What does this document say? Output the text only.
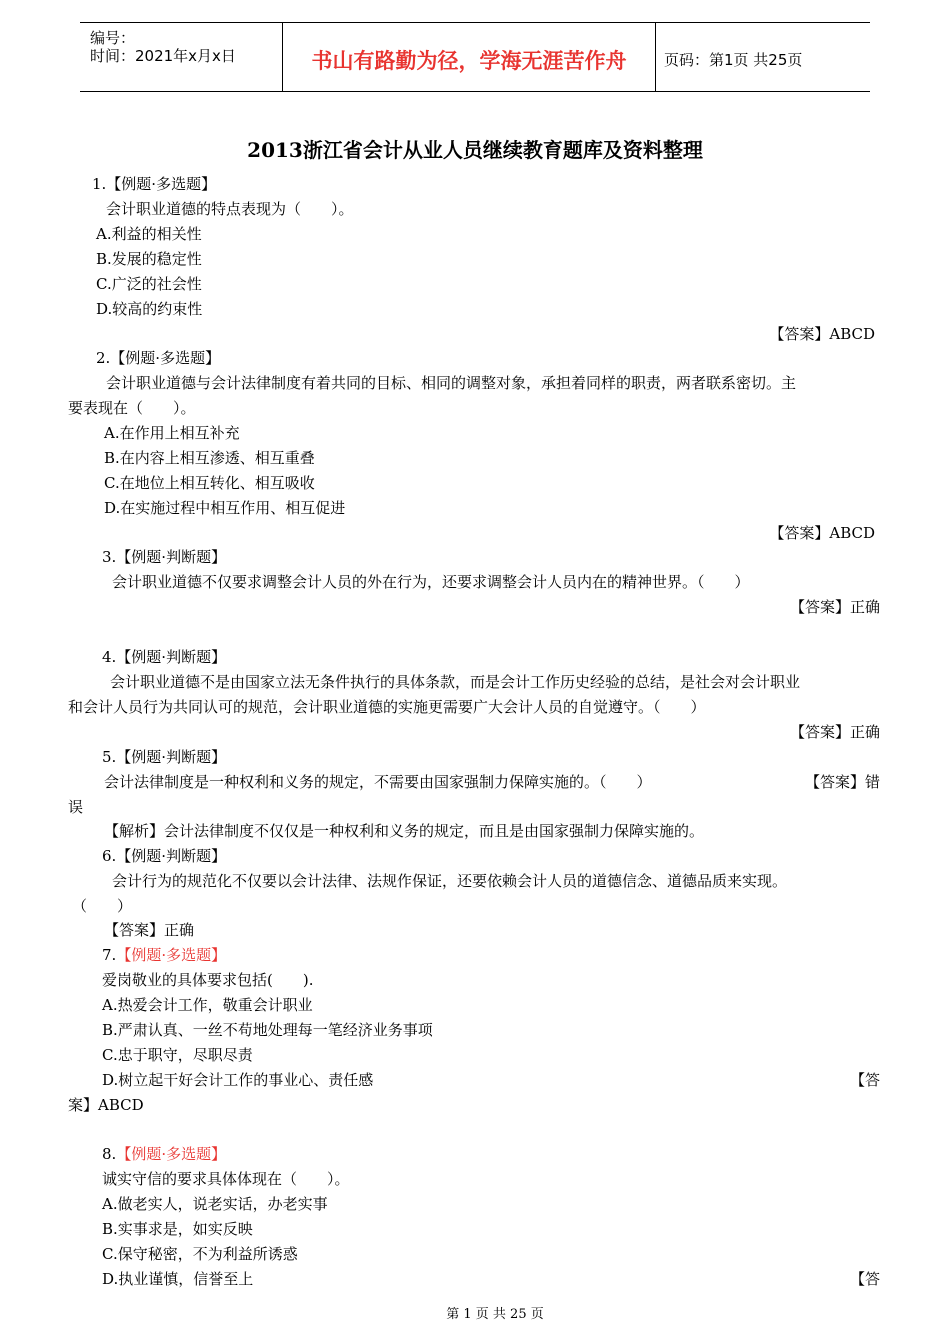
编号：
时间：2021年x月x日	书山有路勤为径，学海无涯苦作舟	页码：第1页 共25页
2013浙江省会计从业人员继续教育题库及资料整理
1.【例题·多选题】
会计职业道德的特点表现为（　　）。
A.利益的相关性
B.发展的稳定性
C.广泛的社会性
D.较高的约束性
【答案】ABCD
2.【例题·多选题】
会计职业道德与会计法律制度有着共同的目标、相同的调整对象，承担着同样的职责，两者联系密切。主
要表现在（　　）。
A.在作用上相互补充
B.在内容上相互渗透、相互重叠
C.在地位上相互转化、相互吸收
D.在实施过程中相互作用、相互促进
【答案】ABCD
3.【例题·判断题】
会计职业道德不仅要求调整会计人员的外在行为，还要求调整会计人员内在的精神世界。（　　）
【答案】正确
4.【例题·判断题】
会计职业道德不是由国家立法无条件执行的具体条款，而是会计工作历史经验的总结，是社会对会计职业
和会计人员行为共同认可的规范，会计职业道德的实施更需要广大会计人员的自觉遵守。（　　）
【答案】正确
5.【例题·判断题】
会计法律制度是一种权利和义务的规定，不需要由国家强制力保障实施的。（　　）	【答案】错
误
【解析】会计法律制度不仅仅是一种权利和义务的规定，而且是由国家强制力保障实施的。
6.【例题·判断题】
会计行为的规范化不仅要以会计法律、法规作保证，还要依赖会计人员的道德信念、道德品质来实现。
（　　）
【答案】正确
7.【例题·多选题】
爱岗敬业的具体要求包括(　　).
A.热爱会计工作，敬重会计职业
B.严肃认真、一丝不苟地处理每一笔经济业务事项
C.忠于职守，尽职尽责
D.树立起干好会计工作的事业心、责任感	【答
案】ABCD
8.【例题·多选题】
诚实守信的要求具体体现在（　　）。
A.做老实人，说老实话，办老实事
B.实事求是，如实反映
C.保守秘密，不为利益所诱惑
D.执业谨慎，信誉至上	【答
第 1 页 共 25 页
